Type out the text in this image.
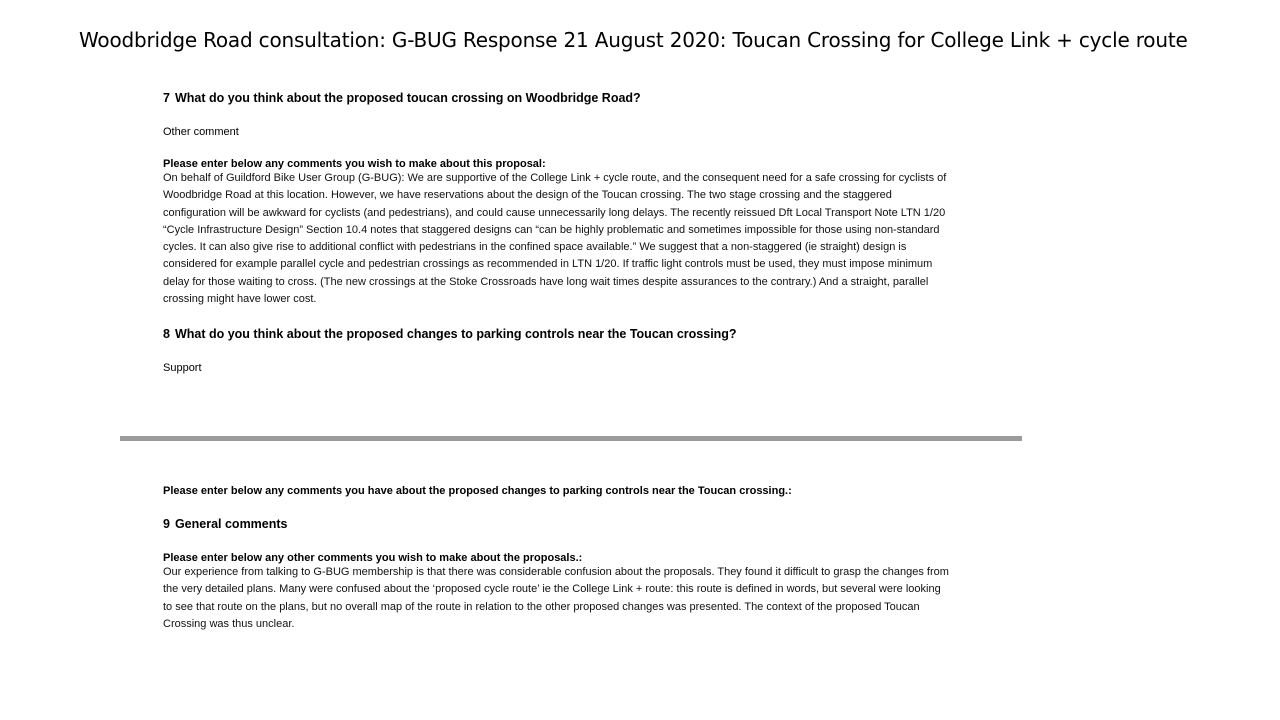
Woodbridge Road consultation: G-BUG Response 21 August 2020: Toucan Crossing for College Link + cycle route

7 What do you think about the proposed toucan crossing on Woodbridge Road?

Other comment

Please enter below any comments you wish to make about this proposal:

On behalf of Guildford Bike User Group (G-BUG): We are supportive of the College Link + cycle route, and the consequent need for a safe crossing for cyclists of
Woodbridge Road at this location. However, we have reservations about the design of the Toucan crossing. The two stage crossing and the staggered
configuration will be awkward for cyclists (and pedestrians), and could cause unnecessarily long delays. The recently reissued Dft Local Transport Note LTN 1/20
“Cycle Infrastructure Design” Section 10.4 notes that staggered designs can “can be highly problematic and sometimes impossible for those using non-standard
cycles. It can also give rise to additional conflict with pedestrians in the confined space available.” We suggest that a non-staggered (ie straight) design is
considered for example parallel cycle and pedestrian crossings as recommended in LTN 1/20. If traffic light controls must be used, they must impose minimum
delay for those waiting to cross. (The new crossings at the Stoke Crossroads have long wait times despite assurances to the contrary.) And a straight, parallel
crossing might have lower cost.

8 What do you think about the proposed changes to parking controls near the Toucan crossing?

Support

Please enter below any comments you have about the proposed changes to parking controls near the Toucan crossing.:

9 General comments

Please enter below any other comments you wish to make about the proposals.:

Our experience from talking to G-BUG membership is that there was considerable confusion about the proposals. They found it difficult to grasp the changes from
the very detailed plans. Many were confused about the ‘proposed cycle route’ ie the College Link + route: this route is defined in words, but several were looking
to see that route on the plans, but no overall map of the route in relation to the other proposed changes was presented. The context of the proposed Toucan
Crossing was thus unclear.
